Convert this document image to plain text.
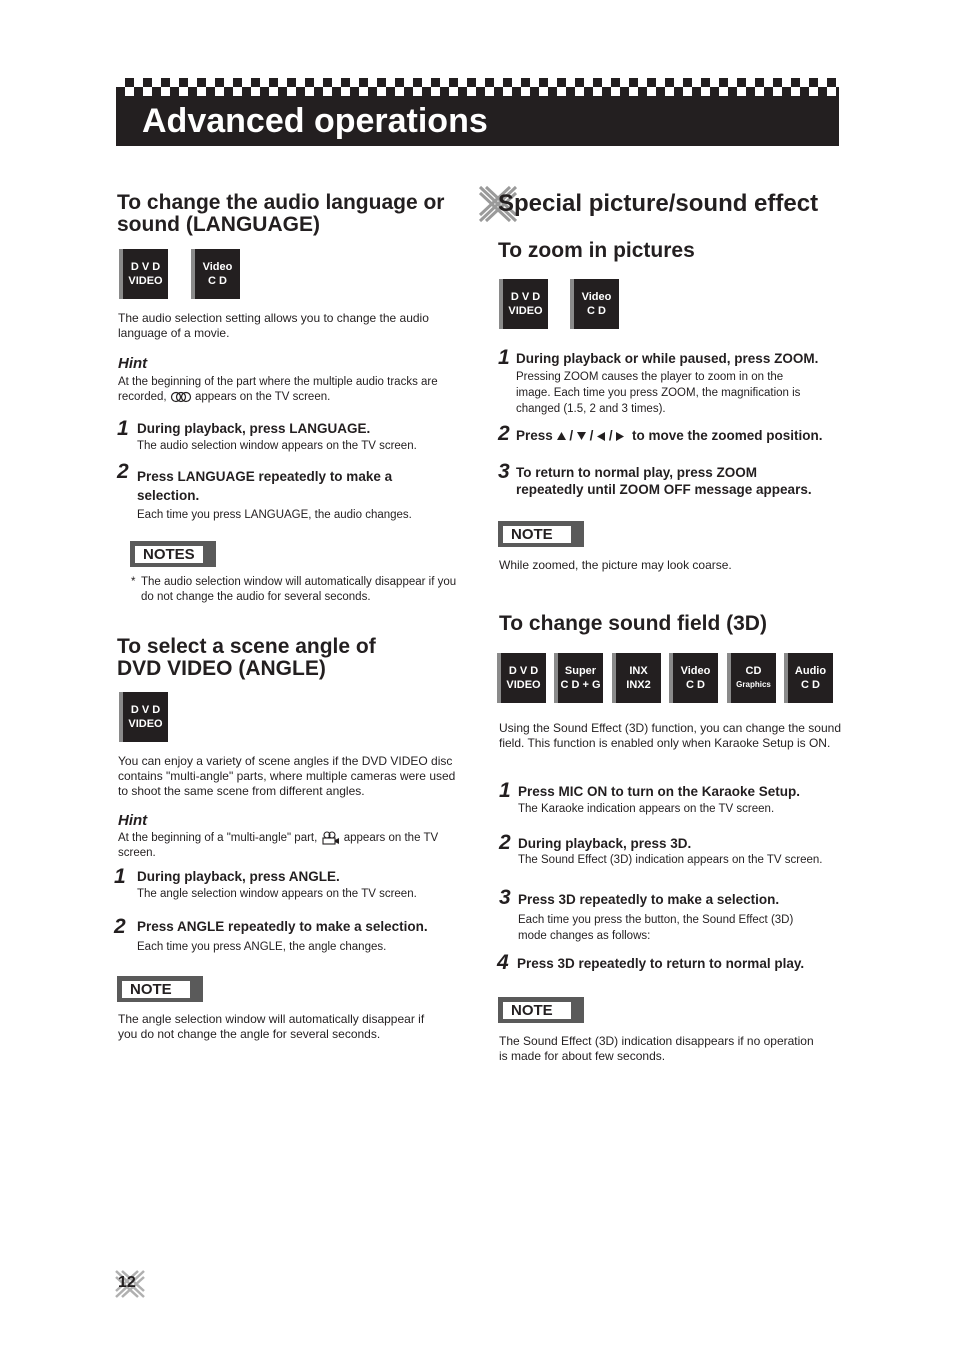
Advanced operations
To change the audio language or
sound (LANGUAGE)
D V D
VIDEO
Video
C D
The audio selection setting allows you to change the audio
language of a movie.
Hint
At the beginning of the part where the multiple audio tracks are
recorded, appears on the TV screen.
1 During playback, press LANGUAGE.
The audio selection window appears on the TV screen.
2 Press LANGUAGE repeatedly to make a
selection.
Each time you press LANGUAGE, the audio changes.
NOTES
* The audio selection window will automatically disappear if you
do not change the audio for several seconds.
To select a scene angle of
DVD VIDEO (ANGLE)
D V D
VIDEO
You can enjoy a variety of scene angles if the DVD VIDEO disc
contains "multi-angle" parts, where multiple cameras were used
to shoot the same scene from different angles.
Hint
At the beginning of a "multi-angle" part, appears on the TV
screen.
1 During playback, press ANGLE.
The angle selection window appears on the TV screen.
2 Press ANGLE repeatedly to make a selection.
Each time you press ANGLE, the angle changes.
NOTE
The angle selection window will automatically disappear if
you do not change the angle for several seconds.
Special picture/sound effect
To zoom in pictures
D V D
VIDEO
Video
C D
1 During playback or while paused, press ZOOM.
Pressing ZOOM causes the player to zoom in on the
image. Each time you press ZOOM, the magnification is
changed (1.5, 2 and 3 times).
2 Press / / / to move the zoomed position.
3 To return to normal play, press ZOOM
repeatedly until ZOOM OFF message appears.
NOTE
While zoomed, the picture may look coarse.
To change sound field (3D)
D V D
VIDEO
Super
C D + G
INX
INX2
Video
C D
CD
Graphics
Audio
C D
Using the Sound Effect (3D) function, you can change the sound
field. This function is enabled only when Karaoke Setup is ON.
1 Press MIC ON to turn on the Karaoke Setup.
The Karaoke indication appears on the TV screen.
2 During playback, press 3D.
The Sound Effect (3D) indication appears on the TV screen.
3 Press 3D repeatedly to make a selection.
Each time you press the button, the Sound Effect (3D)
mode changes as follows:
4 Press 3D repeatedly to return to normal play.
NOTE
The Sound Effect (3D) indication disappears if no operation
is made for about few seconds.
12
